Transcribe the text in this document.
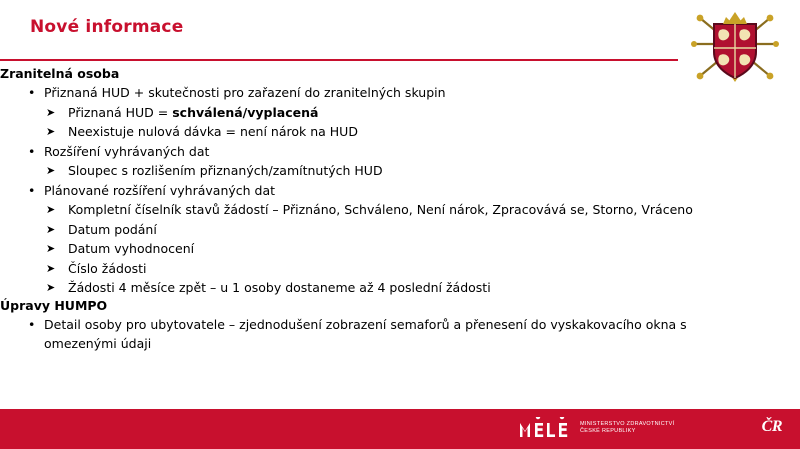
Nové informace
Zranitelná osoba
• Přiznaná HUD + skutečnosti pro zařazení do zranitelných skupin
➤ Přiznaná HUD = schválená/vyplacená
➤ Neexistuje nulová dávka = není nárok na HUD
• Rozšíření vyhrávaných dat
➤ Sloupec s rozlišením přiznaných/zamítnutých HUD
• Plánované rozšíření vyhrávaných dat
➤ Kompletní číselník stavů žádostí – Přiznáno, Schváleno, Není nárok, Zpracovává se, Storno, Vráceno
➤ Datum podání
➤ Datum vyhodnocení
➤ Číslo žádosti
➤ Žádosti 4 měsíce zpět – u 1 osoby dostaneme až 4 poslední žádosti
Úpravy HUMPO
• Detail osoby pro ubytovatele – zjednodušení zobrazení semaforů a přenesení do vyskakovacího okna s
omezenými údaji
MINISTERSTVO ZDRAVOTNICTVÍ
ČESKÉ REPUBLIKY	ČR
